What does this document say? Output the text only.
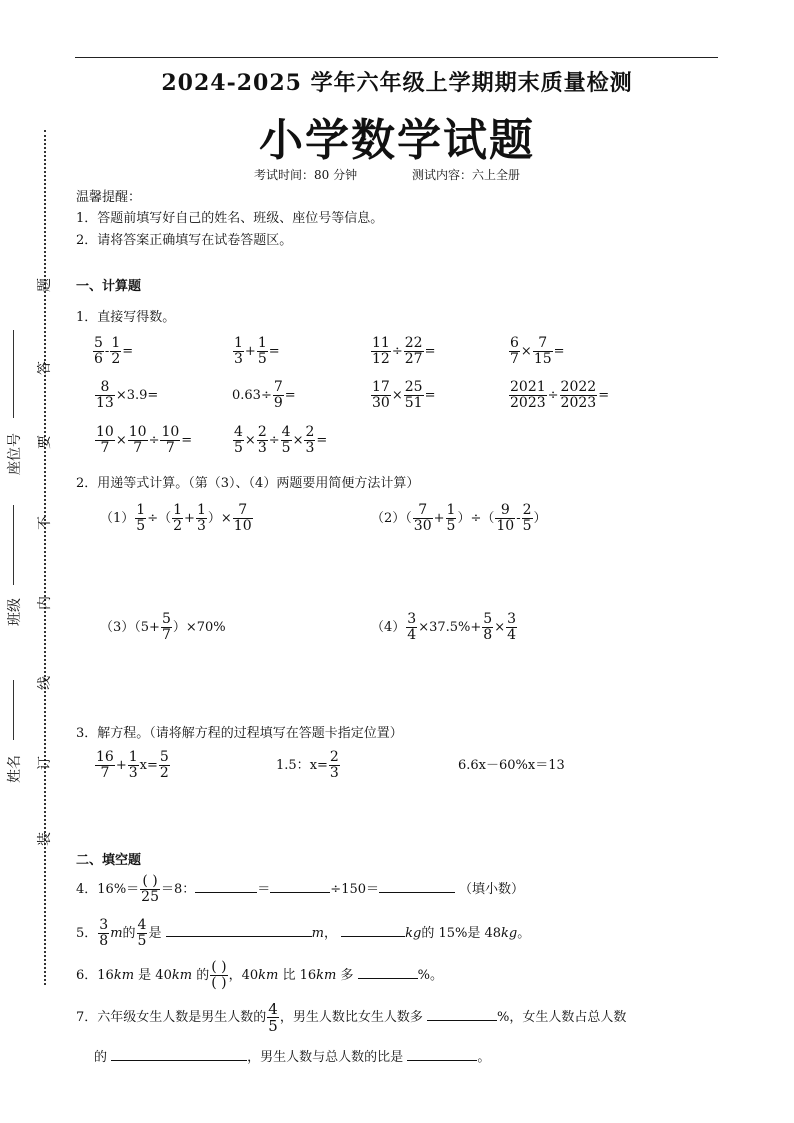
2024-2025 学年六年级上学期期末质量检测
小学数学试题
考试时间：80 分钟	测试内容：六上全册
温馨提醒：
1．答题前填写好自己的姓名、班级、座位号等信息。
2．请将答案正确填写在试卷答题区。
装
订
线
内
不
要
答
题
姓名
班级
座位号
一、计算题
1．直接写得数。
$\frac{5}{6} - \frac{1}{2}$ =	$\frac{1}{3} + \frac{1}{5}$ =	$\frac{11}{12} \div \frac{22}{27}$ =	$\frac{6}{7} \times \frac{7}{15}$ =
$\frac{8}{13} \times 3.9=$	$0.63\div \frac{7}{9}$ =	$\frac{17}{30} \times \frac{25}{51}$ =	$\frac{2021}{2023} \div \frac{2022}{2023}$ =
$\frac{10}{7} \times \frac{10}{7} \div \frac{10}{7}$ =	$\frac{4}{5} \times \frac{2}{3} \div \frac{4}{5} \times \frac{2}{3}$ =
2．用递等式计算。（第（3）、（4）两题要用简便方法计算）
$(1) \frac{1}{5}$ ÷（ $\frac{1}{2} + \frac{1}{3}$ ）× $\frac{7}{10}$	$(2)( \frac{7}{30} + \frac{1}{5}$ ）÷（ $\frac{9}{10} - \frac{2}{5}$ ）
$(3)(5+ \frac{5}{7} )\times 70\%$	$(4) \frac{3}{4} \times 37.5\%+ \frac{5}{8} \times \frac{3}{4}$
3．解方程。（请将解方程的过程填写在答题卡指定位置）
$\frac{16}{7} + \frac{1}{3} x= \frac{5}{2}$	1.5：$x= \frac{2}{3}$	6.6x－60%x＝13
二、填空题
4．$16\%= \frac{( )}{25} =8$：	＝	÷150＝	（填小数）
5． $\frac{3}{8}$ m的 $\frac{4}{5}$ 是	m，	kg的 15%是 48kg。
6．16km 是 40km 的 $\frac{( )}{( )}$ ，40km 比 16km 多	%。
7．六年级女生人数是男生人数的 $\frac{4}{5}$ ，男生人数比女生人数多	%，女生人数占总人数
的	，男生人数与总人数的比是	。
